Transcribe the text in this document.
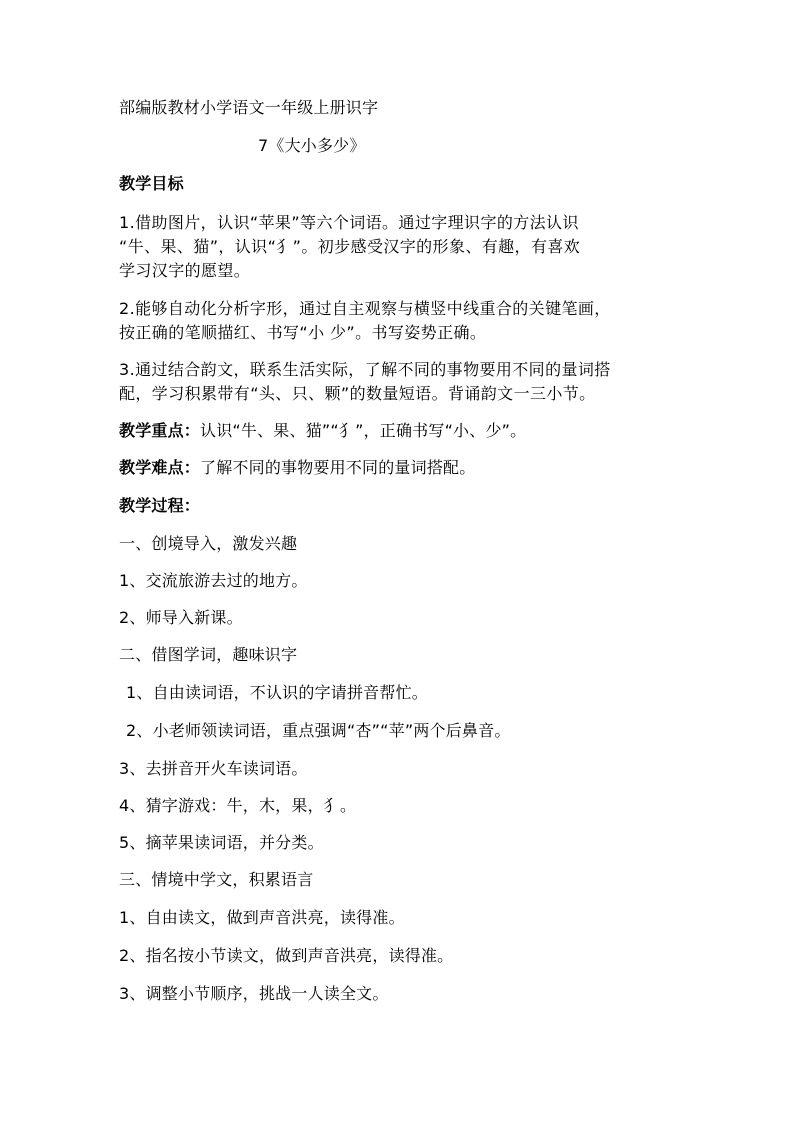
部编版教材小学语文一年级上册识字
7《大小多少》
教学目标
1.借助图片，认识“苹果”等六个词语。通过字理识字的方法认识
“牛、果、猫”，认识“犭”。初步感受汉字的形象、有趣，有喜欢
学习汉字的愿望。
2.能够自动化分析字形，通过自主观察与横竖中线重合的关键笔画，
按正确的笔顺描红、书写“小 少”。书写姿势正确。
3.通过结合韵文，联系生活实际，了解不同的事物要用不同的量词搭
配，学习积累带有“头、只、颗”的数量短语。背诵韵文一三小节。
教学重点：认识“牛、果、猫”“犭”，正确书写“小、少”。
教学难点：了解不同的事物要用不同的量词搭配。
教学过程：
一、创境导入，激发兴趣
1、交流旅游去过的地方。
2、师导入新课。
二、借图学词，趣味识字
1、自由读词语，不认识的字请拼音帮忙。
2、小老师领读词语，重点强调“杏”“苹”两个后鼻音。
3、去拼音开火车读词语。
4、猜字游戏：牛，木，果，犭。
5、摘苹果读词语，并分类。
三、情境中学文，积累语言
1、自由读文，做到声音洪亮，读得准。
2、指名按小节读文，做到声音洪亮，读得准。
3、调整小节顺序，挑战一人读全文。
